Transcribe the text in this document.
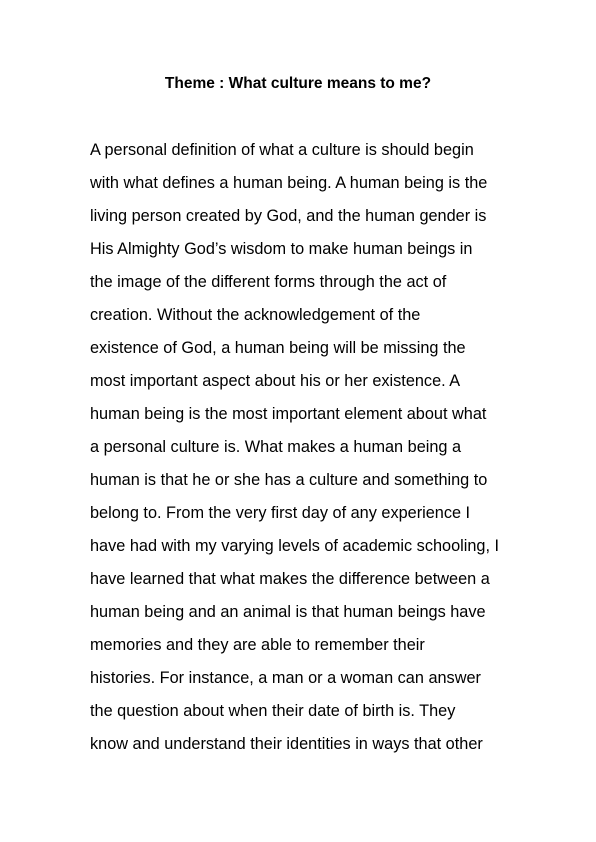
Theme : What culture means to me?
A personal definition of what a culture is should begin
with what defines a human being. A human being is the
living person created by God, and the human gender is
His Almighty God’s wisdom to make human beings in
the image of the different forms through the act of
creation. Without the acknowledgement of the
existence of God, a human being will be missing the
most important aspect about his or her existence. A
human being is the most important element about what
a personal culture is. What makes a human being a
human is that he or she has a culture and something to
belong to. From the very first day of any experience I
have had with my varying levels of academic schooling, I
have learned that what makes the difference between a
human being and an animal is that human beings have
memories and they are able to remember their
histories. For instance, a man or a woman can answer
the question about when their date of birth is. They
know and understand their identities in ways that other
